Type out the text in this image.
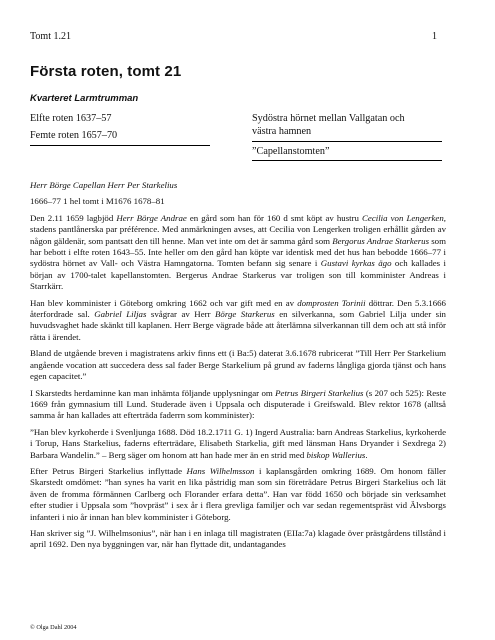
Tomt 1.21	1
Första roten, tomt 21
Kvarteret Larmtrumman
Elfte roten 1637–57
Femte roten 1657–70
Sydöstra hörnet mellan Vallgatan och
västra hamnen
”Capellanstomten”

Herr Börge Capellan Herr Per Starkelius

1666–77 1 hel tomt i M1676 1678–81

Den 2.11 1659 lagbjöd Herr Börge Andrae en gård som han för 160 d smt köpt av hustru Cecilia von Lengerken, stadens pantlånerska par préférence. Med anmärkningen avses, att Cecilia von Lengerken troligen erhållit gården av någon gäldenär, som pantsatt den till henne. Man vet inte om det är samma gård som Bergorus Andrae Starkerus som har bebott i elfte roten 1643–55. Inte heller om den gård han köpte var identisk med det hus han bebodde 1666–77 i sydöstra hörnet av Vall- och Västra Hamngatorna. Tomten befann sig senare i Gustavi kyrkas ägo och kallades i början av 1700-talet kapellanstomten. Bergerus Andrae Starkerus var troligen son till komminister Andreas i Starrkärr.

Han blev komminister i Göteborg omkring 1662 och var gift med en av domprosten Torinii döttrar. Den 5.3.1666 återfordrade sal. Gabriel Liljas svågrar av Herr Börge Starkerus en silverkanna, som Gabriel Lilja under sin huvudsvaghet hade skänkt till kaplanen. Herr Berge vägrade både att återlämna silverkannan till dem och att stå inför rätta i ärendet.

Bland de utgående breven i magistratens arkiv finns ett (i Ba:5) daterat 3.6.1678 rubricerat ”Till Herr Per Starkelium angående vocation att succedera dess sal fader Berge Starkelium på grund av faderns långliga gjorda tjänst och hans egen capacitet.”

I Skarstedts herdaminne kan man inhämta följande upplysningar om Petrus Birgeri Starkelius (s 207 och 525): Reste 1669 från gymnasium till Lund. Studerade även i Uppsala och disputerade i Greifswald. Blev rektor 1678 (alltså samma år han kallades att efterträda faderrn som komminister):

”Han blev kyrkoherde i Svenljunga 1688. Död 18.2.1711 G. 1) Ingerd Australia: barn Andreas Starkelius, kyrkoherde i Torup, Hans Starkelius, faderns efterträdare, Elisabeth Starkelia, gift med länsman Hans Dryander i Sexdrega 2) Barbara Wandelin.” – Berg säger om honom att han hade mer än en strid med biskop Wallerius.

Efter Petrus Birgeri Starkelius inflyttade Hans Wilhelmsson i kaplansgården omkring 1689. Om honom fäller Skarstedt omdömet: ”han synes ha varit en lika påstridig man som sin företrädare Petrus Birgeri Starkelius och lät även de fromma förmännen Carlberg och Florander erfara detta”. Han var född 1650 och började sin verksamhet efter studier i Uppsala som ”hovpräst” i sex år i flera grevliga familjer och var sedan regementspräst vid Älvsborgs infanteri i nio år innan han blev komminister i Göteborg.

Han skriver sig ”J. Wilhelmsonius”, när han i en inlaga till magistraten (EIIa:7a) klagade över prästgårdens tillstånd i april 1692. Den nya byggningen var, när han flyttade dit, undantagandes

© Olga Dahl 2004
